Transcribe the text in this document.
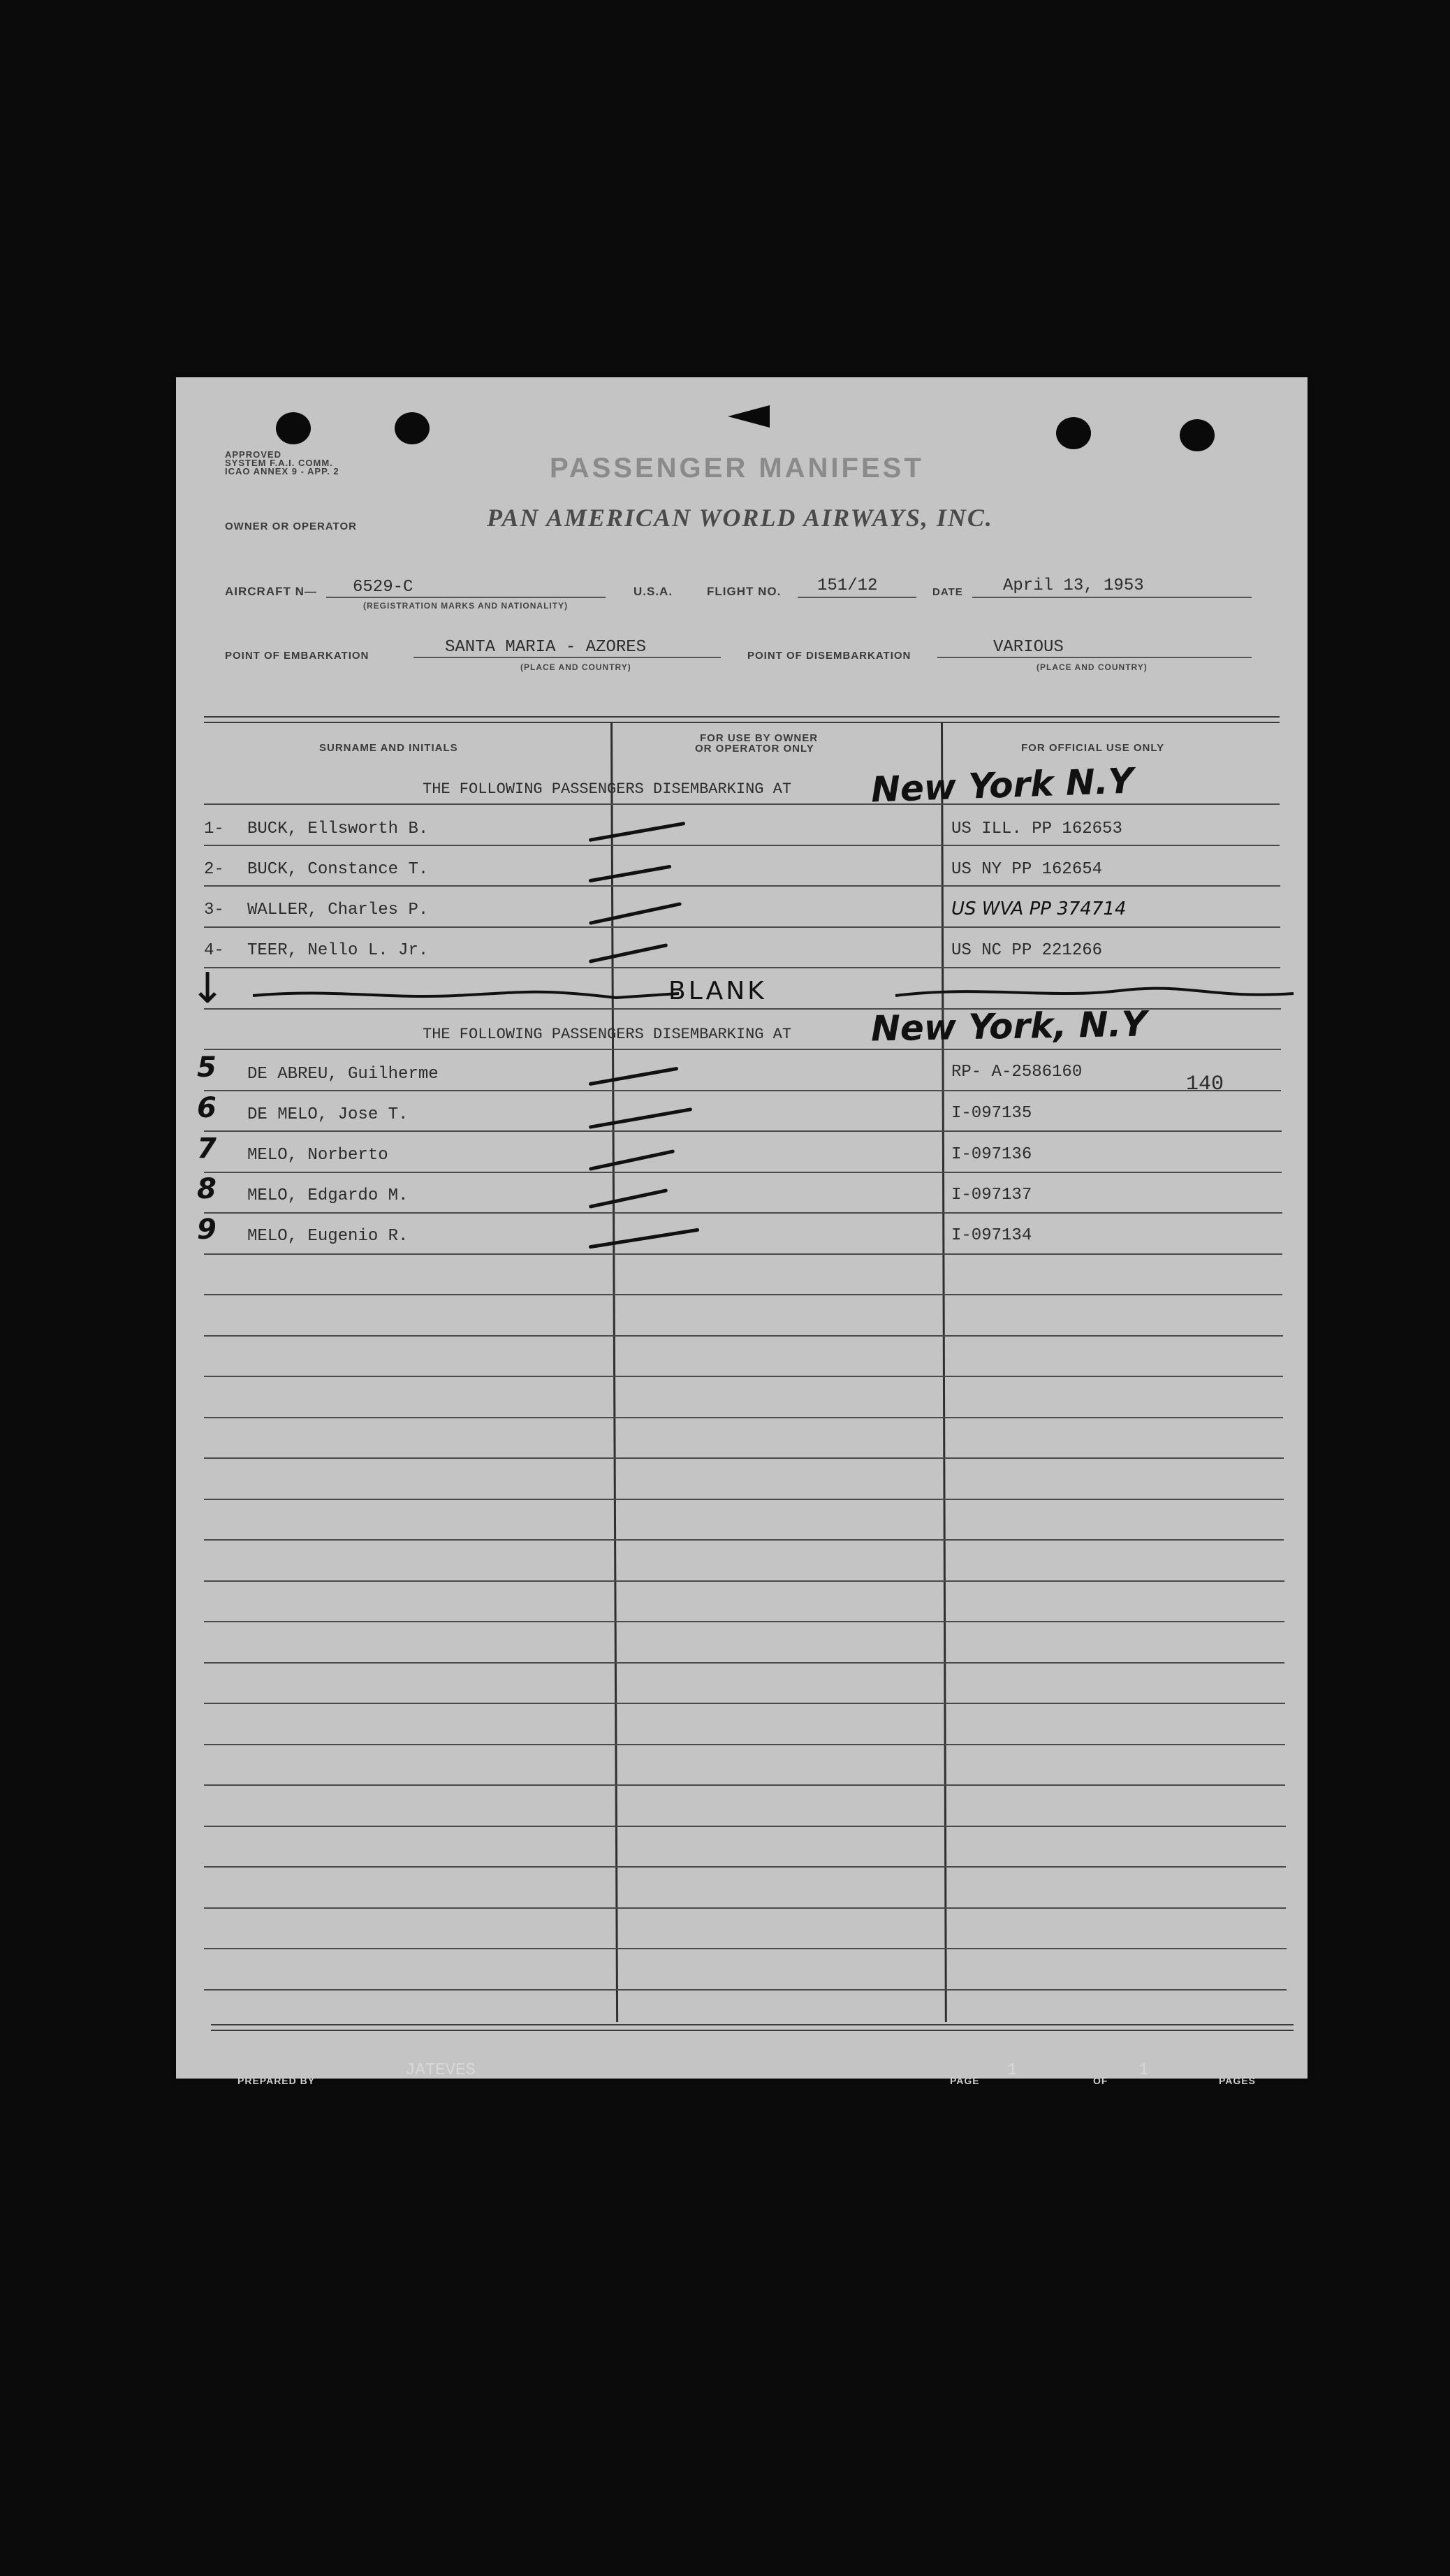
APPROVED
SYSTEM F.A.I. COMM.
ICAO ANNEX 9 - APP. 2	PASSENGER MANIFEST
OWNER OR OPERATOR	PAN AMERICAN WORLD AIRWAYS, INC.
AIRCRAFT N— 6529-C
(REGISTRATION MARKS AND NATIONALITY)
U.S.A.	FLIGHT NO. 151/12	DATE April 13, 1953
POINT OF EMBARKATION	SANTA MARIA - AZORES
(PLACE AND COUNTRY)
POINT OF DISEMBARKATION	VARIOUS
(PLACE AND COUNTRY)
SURNAME AND INITIALS
FOR USE BY OWNER
OR OPERATOR ONLY	FOR OFFICIAL USE ONLY
THE FOLLOWING PASSENGERS DISEMBARKING AT New York N.Y
1- BUCK, Ellsworth B.	US ILL. PP 162653
2- BUCK, Constance T.	US NY PP 162654
3- WALLER, Charles P.	US WVA PP 374714
4- TEER, Nello L. Jr.	US NC PP 221266
↓	BLANK
THE FOLLOWING PASSENGERS DISEMBARKING AT New York, N.Y
140
5 DE ABREU, Guilherme	RP- A-2586160
6 DE MELO, Jose T.	I-097135
7 MELO, Norberto	I-097136
8 MELO, Edgardo M.	I-097137
9 MELO, Eugenio R.	I-097134
PREPARED BY
JATEVES
PAGE
1
OF
1
PAGES
